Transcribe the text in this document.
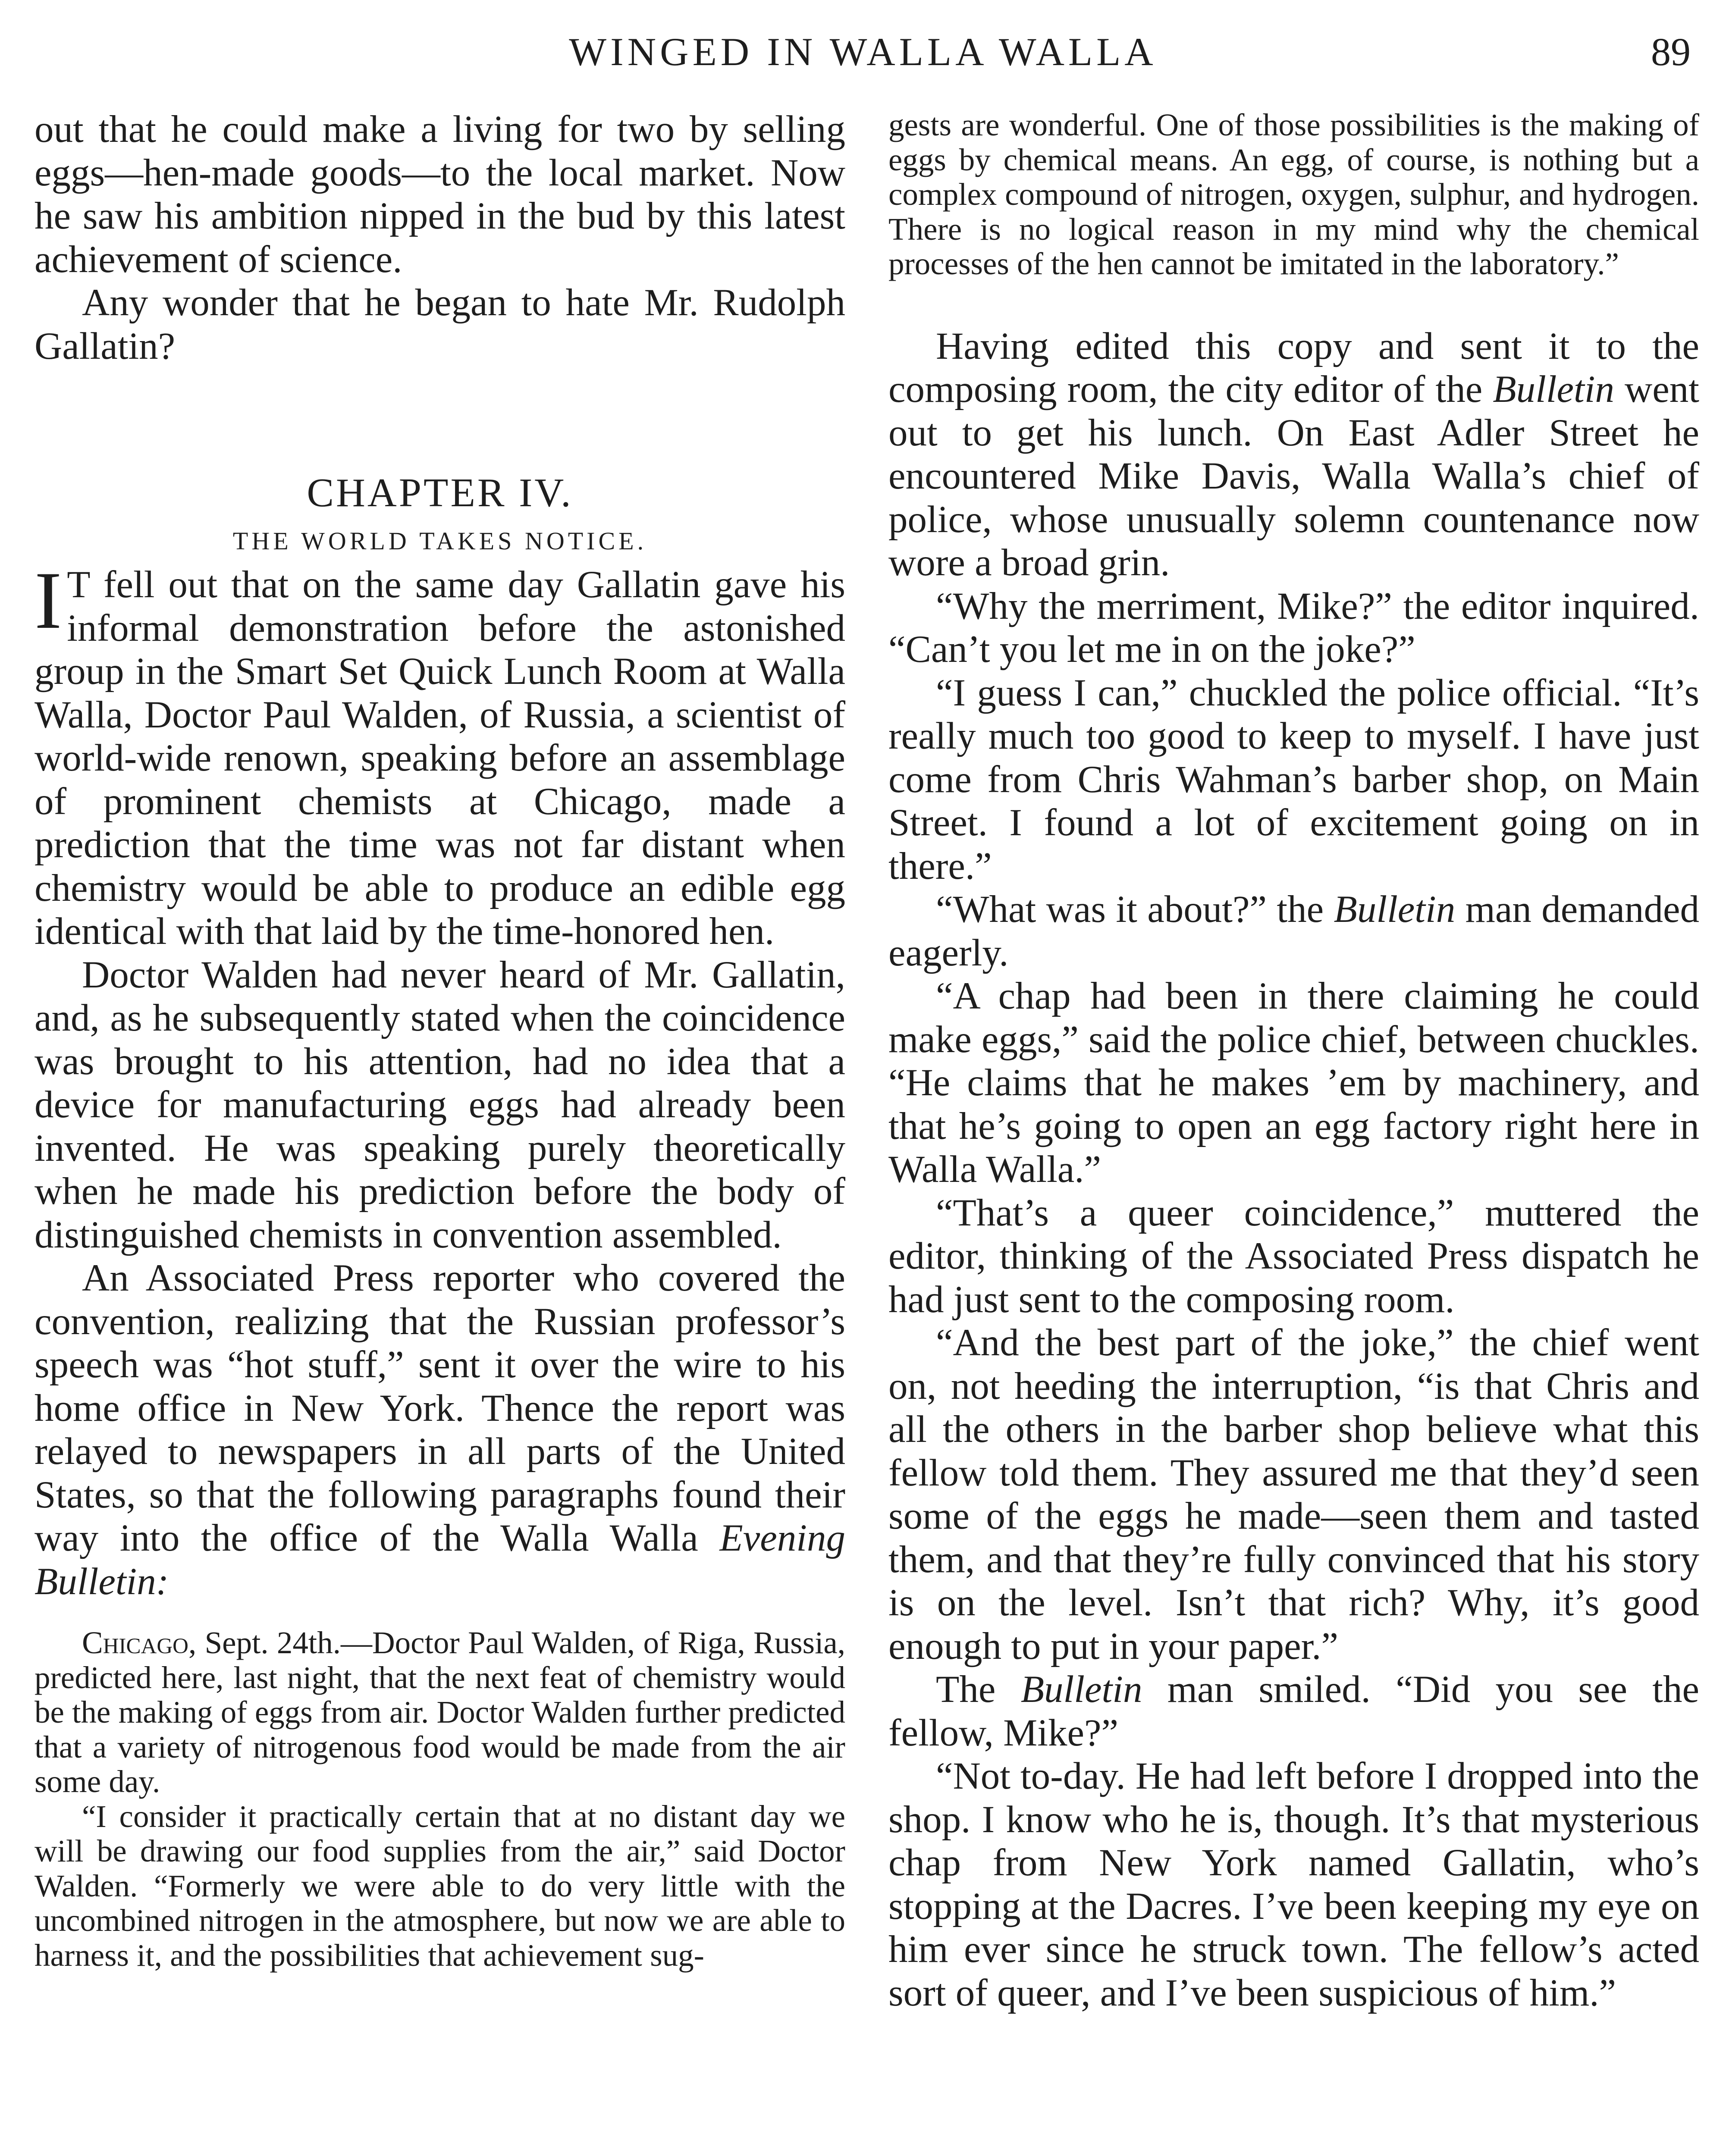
WINGED IN WALLA WALLA	89

out that he could make a living for two by selling eggs—hen-made goods—to the local market. Now he saw his ambition nipped in the bud by this latest achievement of science.

Any wonder that he began to hate Mr. Rudolph Gallatin?

CHAPTER IV.
THE WORLD TAKES NOTICE.

IT fell out that on the same day Gallatin gave his informal demonstration before the astonished group in the Smart Set Quick Lunch Room at Walla Walla, Doctor Paul Walden, of Russia, a scientist of world-wide renown, speaking before an assemblage of prominent chemists at Chicago, made a prediction that the time was not far distant when chemistry would be able to produce an edible egg identical with that laid by the time-honored hen.

Doctor Walden had never heard of Mr. Gallatin, and, as he subsequently stated when the coincidence was brought to his attention, had no idea that a device for manufacturing eggs had already been invented. He was speaking purely theoretically when he made his prediction before the body of distinguished chemists in convention assembled.

An Associated Press reporter who covered the convention, realizing that the Russian professor’s speech was “hot stuff,” sent it over the wire to his home office in New York. Thence the report was relayed to newspapers in all parts of the United States, so that the following paragraphs found their way into the office of the Walla Walla Evening Bulletin:

Chicago, Sept. 24th.—Doctor Paul Walden, of Riga, Russia, predicted here, last night, that the next feat of chemistry would be the making of eggs from air. Doctor Walden further predicted that a variety of nitrogenous food would be made from the air some day.

“I consider it practically certain that at no distant day we will be drawing our food supplies from the air,” said Doctor Walden. “Formerly we were able to do very little with the uncombined nitrogen in the atmosphere, but now we are able to harness it, and the possibilities that achievement sug-

gests are wonderful. One of those possibilities is the making of eggs by chemical means. An egg, of course, is nothing but a complex compound of nitrogen, oxygen, sulphur, and hydrogen. There is no logical reason in my mind why the chemical processes of the hen cannot be imitated in the laboratory.”

Having edited this copy and sent it to the composing room, the city editor of the Bulletin went out to get his lunch. On East Adler Street he encountered Mike Davis, Walla Walla’s chief of police, whose unusually solemn countenance now wore a broad grin.

“Why the merriment, Mike?” the editor inquired. “Can’t you let me in on the joke?”

“I guess I can,” chuckled the police official. “It’s really much too good to keep to myself. I have just come from Chris Wahman’s barber shop, on Main Street. I found a lot of excitement going on in there.”

“What was it about?” the Bulletin man demanded eagerly.

“A chap had been in there claiming he could make eggs,” said the police chief, between chuckles. “He claims that he makes ’em by machinery, and that he’s going to open an egg factory right here in Walla Walla.”

“That’s a queer coincidence,” muttered the editor, thinking of the Associated Press dispatch he had just sent to the composing room.

“And the best part of the joke,” the chief went on, not heeding the interruption, “is that Chris and all the others in the barber shop believe what this fellow told them. They assured me that they’d seen some of the eggs he made—seen them and tasted them, and that they’re fully convinced that his story is on the level. Isn’t that rich? Why, it’s good enough to put in your paper.”

The Bulletin man smiled. “Did you see the fellow, Mike?”

“Not to-day. He had left before I dropped into the shop. I know who he is, though. It’s that mysterious chap from New York named Gallatin, who’s stopping at the Dacres. I’ve been keeping my eye on him ever since he struck town. The fellow’s acted sort of queer, and I’ve been suspicious of him.”
